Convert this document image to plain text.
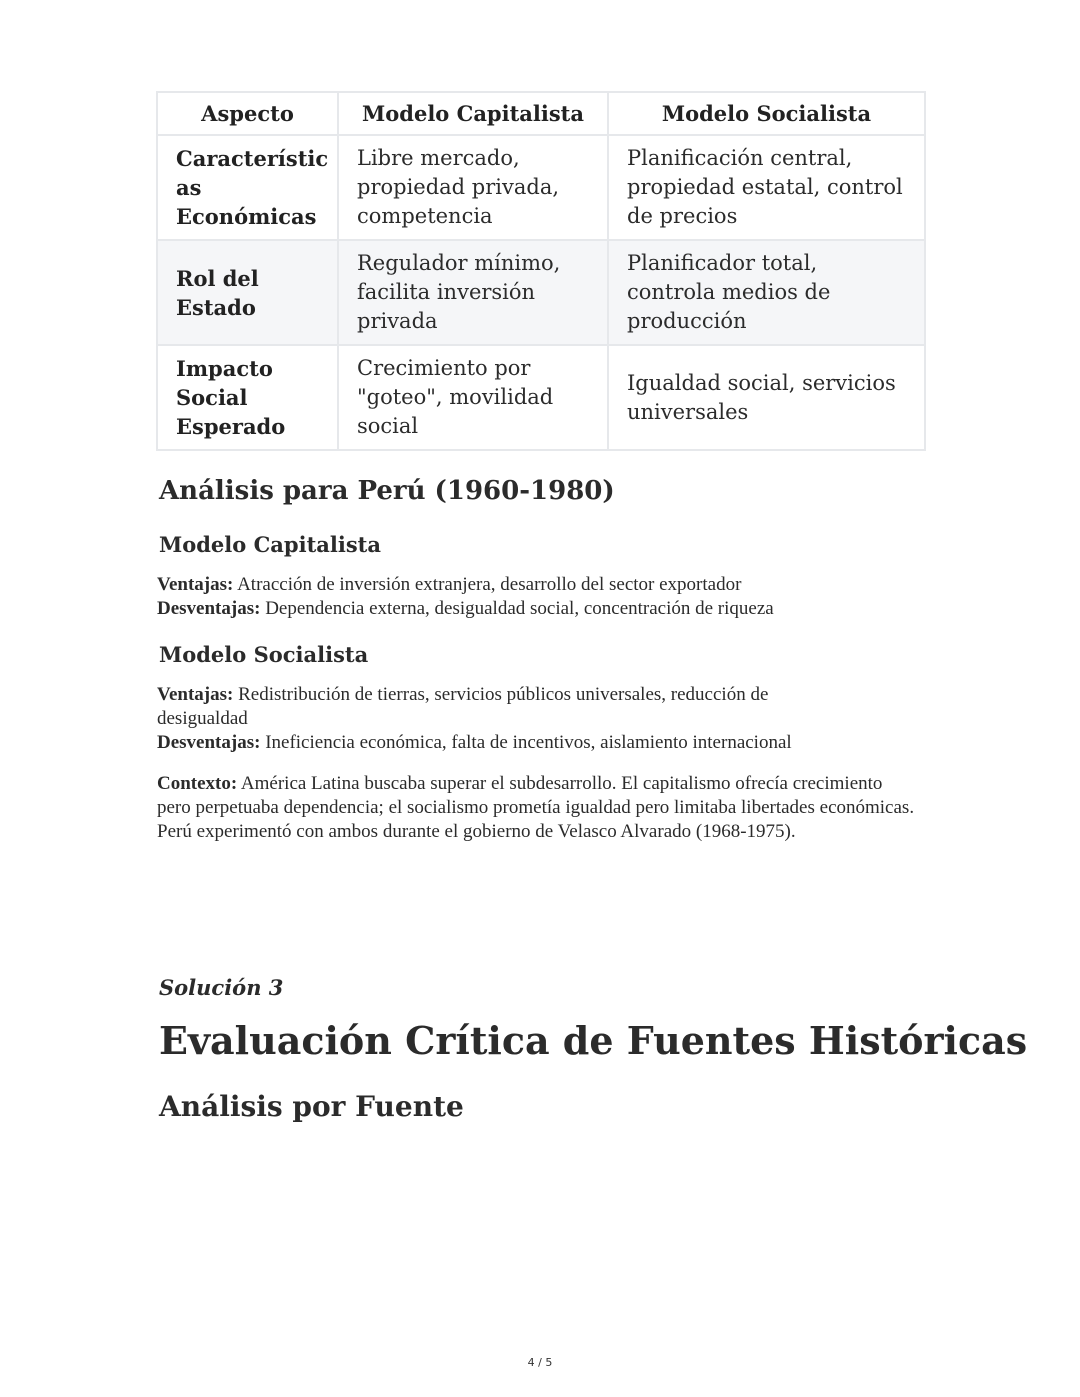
Aspecto	Modelo Capitalista	Modelo Socialista
Característic as Económicas	Libre mercado, propiedad privada, competencia	Planificación central, propiedad estatal, control de precios
Rol del Estado	Regulador mínimo, facilita inversión privada	Planificador total, controla medios de producción
Impacto Social Esperado	Crecimiento por "goteo", movilidad social	Igualdad social, servicios universales
Análisis para Perú (1960-1980)
Modelo Capitalista

Ventajas: Atracción de inversión extranjera, desarrollo del sector exportador
Desventajas: Dependencia externa, desigualdad social, concentración de riqueza

Modelo Socialista

Ventajas: Redistribución de tierras, servicios públicos universales, reducción de desigualdad
Desventajas: Ineficiencia económica, falta de incentivos, aislamiento internacional

Contexto: América Latina buscaba superar el subdesarrollo. El capitalismo ofrecía crecimiento pero perpetuaba dependencia; el socialismo prometía igualdad pero limitaba libertades económicas. Perú experimentó con ambos durante el gobierno de Velasco Alvarado (1968-1975).

Solución 3
Evaluación Crítica de Fuentes Históricas
Análisis por Fuente
4 / 5
